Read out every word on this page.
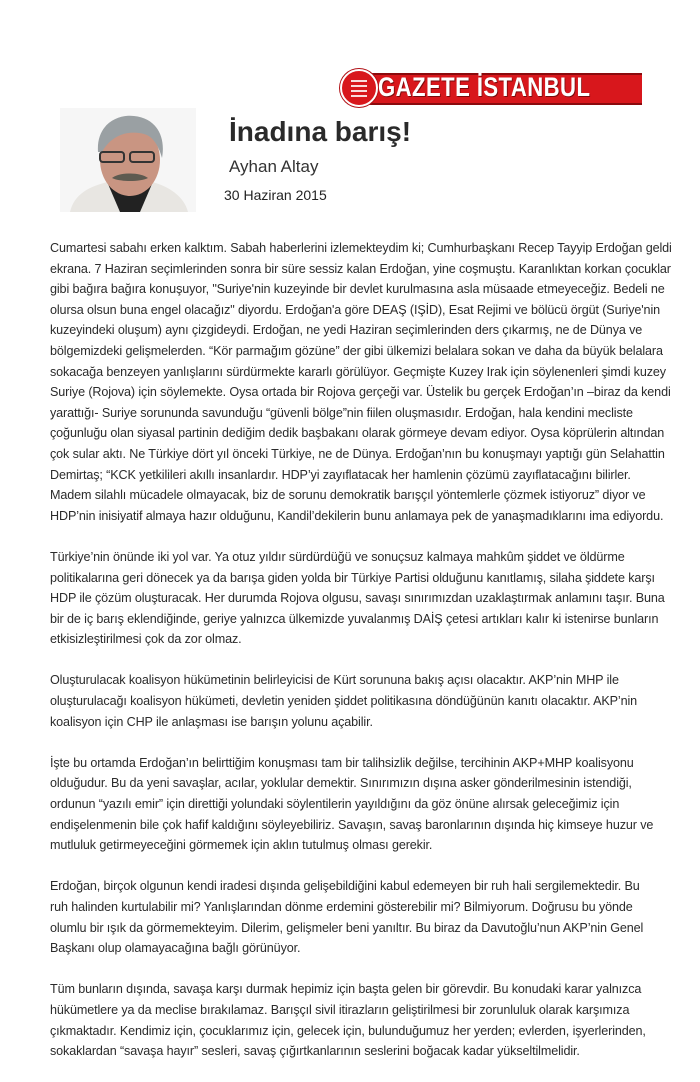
GAZETE İSTANBUL
İnadına barış!
Ayhan Altay
30 Haziran 2015

Cumartesi sabahı erken kalktım. Sabah haberlerini izlemekteydim ki; Cumhurbaşkanı Recep Tayyip Erdoğan geldi
ekrana. 7 Haziran seçimlerinden sonra bir süre sessiz kalan Erdoğan, yine coşmuştu. Karanlıktan korkan çocuklar
gibi bağıra bağıra konuşuyor, "Suriye'nin kuzeyinde bir devlet kurulmasına asla müsaade etmeyeceğiz. Bedeli ne
olursa olsun buna engel olacağız" diyordu. Erdoğan'a göre DEAŞ (IŞİD), Esat Rejimi ve bölücü örgüt (Suriye'nin
kuzeyindeki oluşum) aynı çizgideydi. Erdoğan, ne yedi Haziran seçimlerinden ders çıkarmış, ne de Dünya ve
bölgemizdeki gelişmelerden. “Kör parmağım gözüne” der gibi ülkemizi belalara sokan ve daha da büyük belalara
sokacağa benzeyen yanlışlarını sürdürmekte kararlı görülüyor. Geçmişte Kuzey Irak için söylenenleri şimdi kuzey
Suriye (Rojova) için söylemekte. Oysa ortada bir Rojova gerçeği var. Üstelik bu gerçek Erdoğan’ın –biraz da kendi
yarattığı- Suriye sorununda savunduğu “güvenli bölge”nin fiilen oluşmasıdır. Erdoğan, hala kendini mecliste
çoğunluğu olan siyasal partinin dediğim dedik başbakanı olarak görmeye devam ediyor. Oysa köprülerin altından
çok sular aktı. Ne Türkiye dört yıl önceki Türkiye, ne de Dünya. Erdoğan’nın bu konuşmayı yaptığı gün Selahattin
Demirtaş; “KCK yetkilileri akıllı insanlardır. HDP’yi zayıflatacak her hamlenin çözümü zayıflatacağını bilirler.
Madem silahlı mücadele olmayacak, biz de sorunu demokratik barışçıl yöntemlerle çözmek istiyoruz” diyor ve
HDP’nin inisiyatif almaya hazır olduğunu, Kandil’dekilerin bunu anlamaya pek de yanaşmadıklarını ima ediyordu.

Türkiye’nin önünde iki yol var. Ya otuz yıldır sürdürdüğü ve sonuçsuz kalmaya mahkûm şiddet ve öldürme
politikalarına geri dönecek ya da barışa giden yolda bir Türkiye Partisi olduğunu kanıtlamış, silaha şiddete karşı
HDP ile çözüm oluşturacak. Her durumda Rojova olgusu, savaşı sınırımızdan uzaklaştırmak anlamını taşır. Buna
bir de iç barış eklendiğinde, geriye yalnızca ülkemizde yuvalanmış DAİŞ çetesi artıkları kalır ki istenirse bunların
etkisizleştirilmesi çok da zor olmaz.

Oluşturulacak koalisyon hükümetinin belirleyicisi de Kürt sorununa bakış açısı olacaktır. AKP’nin MHP ile
oluşturulacağı koalisyon hükümeti, devletin yeniden şiddet politikasına döndüğünün kanıtı olacaktır. AKP’nin
koalisyon için CHP ile anlaşması ise barışın yolunu açabilir.

İşte bu ortamda Erdoğan’ın belirttiğim konuşması tam bir talihsizlik değilse, tercihinin AKP+MHP koalisyonu
olduğudur. Bu da yeni savaşlar, acılar, yoklular demektir. Sınırımızın dışına asker gönderilmesinin istendiği,
ordunun “yazılı emir” için direttiği yolundaki söylentilerin yayıldığını da göz önüne alırsak geleceğimiz için
endişelenmenin bile çok hafif kaldığını söyleyebiliriz. Savaşın, savaş baronlarının dışında hiç kimseye huzur ve
mutluluk getirmeyeceğini görmemek için aklın tutulmuş olması gerekir.

Erdoğan, birçok olgunun kendi iradesi dışında gelişebildiğini kabul edemeyen bir ruh hali sergilemektedir. Bu
ruh halinden kurtulabilir mi? Yanlışlarından dönme erdemini gösterebilir mi? Bilmiyorum. Doğrusu bu yönde
olumlu bir ışık da görmemekteyim. Dilerim, gelişmeler beni yanıltır. Bu biraz da Davutoğlu’nun AKP’nin Genel
Başkanı olup olamayacağına bağlı görünüyor.

Tüm bunların dışında, savaşa karşı durmak hepimiz için başta gelen bir görevdir. Bu konudaki karar yalnızca
hükümetlere ya da meclise bırakılamaz. Barışçıl sivil itirazların geliştirilmesi bir zorunluluk olarak karşımıza
çıkmaktadır. Kendimiz için, çocuklarımız için, gelecek için, bulunduğumuz her yerden; evlerden, işyerlerinden,
sokaklardan “savaşa hayır” sesleri, savaş çığırtkanlarının seslerini boğacak kadar yükseltilmelidir.
